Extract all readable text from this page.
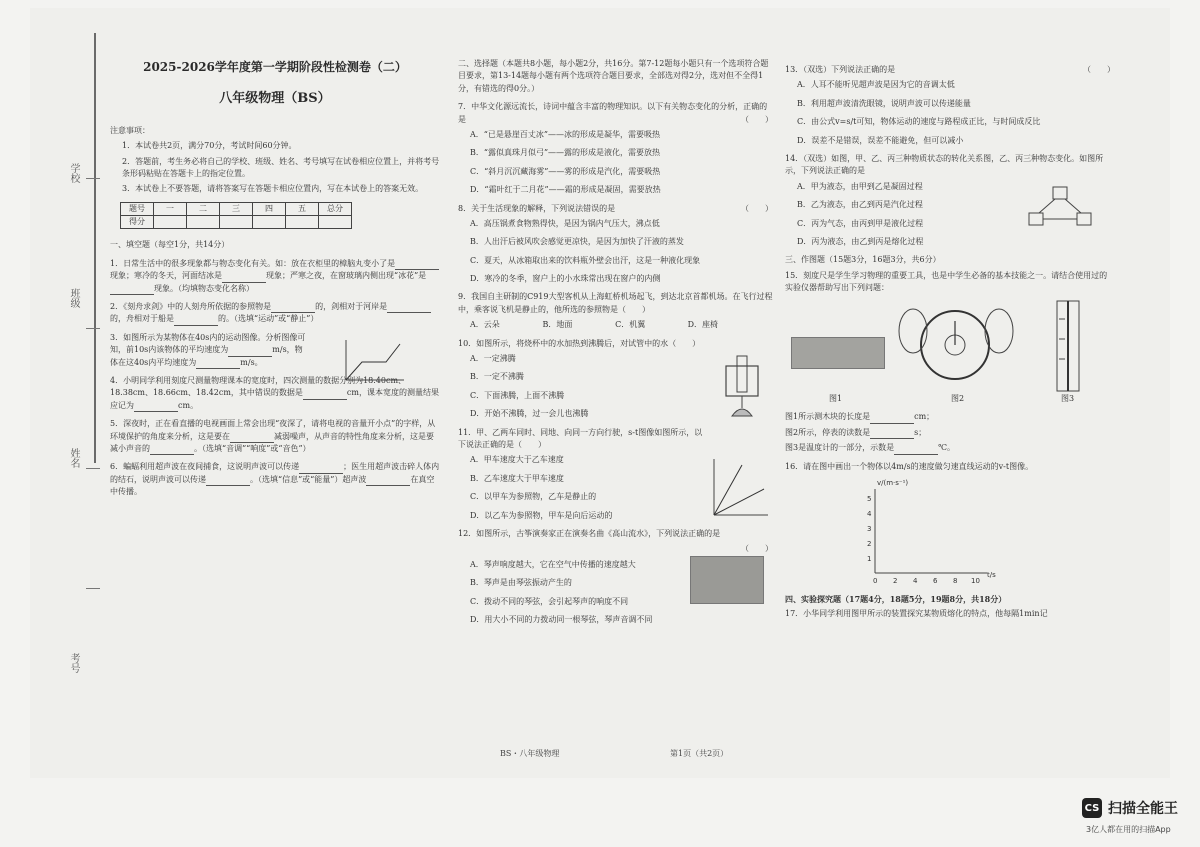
学校
班级
姓名
考号
2025-2026学年度第一学期阶段性检测卷（二）
八年级物理（BS）

注意事项：

1．本试卷共2页，满分70分，考试时间60分钟。

2．答题前，考生务必将自己的学校、班级、姓名、考号填写在试卷相应位置上，并将考号条形码粘贴在答题卡上的指定位置。

3．本试卷上不要答题，请将答案写在答题卡相应位置内，写在本试卷上的答案无效。

题号	一	二	三	四	五	总分
得分						

一、填空题（每空1分，共14分）

1．日常生活中的很多现象都与物态变化有关。如：放在衣柜里的樟脑丸变小了是现象；寒冷的冬天，河面结冰是	现象；严寒之夜，在窗玻璃内侧出现“冰花”是现象。（均填物态变化名称）

2．《刻舟求剑》中的人刻舟所依据的参照物是	的，剑相对于河岸是的，舟相对于船是	的。（选填“运动”或“静止”）

3．如图所示为某物体在40s内的运动图像。分析图像可知，前10s内该物体的平均速度为	m/s，物体在这40s内平均速度为	m/s。

4．小明同学利用刻度尺测量物理课本的宽度时，四次测量的数据分别为18.40cm、18.38cm、18.66cm、18.42cm，其中错误的数据是	cm，课本宽度的测量结果应记为	cm。

5．深夜时，正在看直播的电视画面上常会出现“夜深了，请将电视的音量开小点”的字样，从环境保护的角度来分析，这是要在	减弱噪声，从声音的特性角度来分析，这是要减小声音的	。（选填“音调”“响度”或“音色”）

6．蝙蝠利用超声波在夜间捕食，这说明声波可以传递	；医生用超声波击碎人体内的结石，说明声波可以传递	。（选填“信息”或“能量”）超声波	在真空中传播。

二、选择题（本题共8小题，每小题2分，共16分。第7-12题每小题只有一个选项符合题目要求，第13-14题每小题有两个选项符合题目要求，全部选对得2分，选对但不全得1分，有错选的得0分。）

7．中华文化源远流长，诗词中蕴含丰富的物理知识。以下有关物态变化的分析，正确的是	（　　）

A．“已是悬崖百丈冰”——冰的形成是凝华，需要吸热

B．“露似真珠月似弓”——露的形成是液化，需要放热

C．“斜月沉沉藏海雾”——雾的形成是汽化，需要吸热

D．“霜叶红于二月花”——霜的形成是凝固，需要放热

8．关于生活现象的解释，下列说法错误的是	（　　）

A．高压锅煮食物熟得快，是因为锅内气压大，沸点低

B．人出汗后被风吹会感觉更凉快，是因为加快了汗液的蒸发

C．夏天，从冰箱取出来的饮料瓶外壁会出汗，这是一种液化现象

D．寒冷的冬季，窗户上的小水珠常出现在窗户的内侧

9．我国自主研制的C919大型客机从上海虹桥机场起飞，到达北京首都机场。在飞行过程中，乘客说飞机是静止的，他所选的参照物是（　　）

A．云朵	B．地面	C．机翼	D．座椅

10．如图所示，将烧杯中的水加热到沸腾后，对试管中的水（　　）

A．一定沸腾

B．一定不沸腾

C．下面沸腾，上面不沸腾

D．开始不沸腾，过一会儿也沸腾

11．甲、乙两车同时、同地、向同一方向行驶，s-t图像如图所示，以下说法正确的是（　　）

A．甲车速度大于乙车速度

B．乙车速度大于甲车速度

C．以甲车为参照物，乙车是静止的

D．以乙车为参照物，甲车是向后运动的

12．如图所示，古筝演奏家正在演奏名曲《高山流水》，下列说法正确的是

（　　）

A．琴声响度越大，它在空气中传播的速度越大

B．琴声是由琴弦振动产生的

C．拨动不同的琴弦，会引起琴声的响度不同

D．用大小不同的力拨动同一根琴弦，琴声音调不同

13．（双选）下列说法正确的是	（　　）

A．人耳不能听见超声波是因为它的音调太低

B．利用超声波清洗眼镜，说明声波可以传递能量

C．由公式v=s/t可知，物体运动的速度与路程成正比，与时间成反比

D．误差不是错误，误差不能避免，但可以减小

14．（双选）如图，甲、乙、丙三种物质状态的转化关系图，乙、丙三种物态变化。如图所示，下列说法正确的是

A．甲为液态，由甲到乙是凝固过程

B．乙为液态，由乙到丙是汽化过程

C．丙为气态，由丙到甲是液化过程

D．丙为液态，由乙到丙是熔化过程

三、作图题（15题3分，16题3分，共6分）

15．刻度尺是学生学习物理的重要工具，也是中学生必备的基本技能之一。请结合使用过的实验仪器帮助写出下列问题：

图1	图2	图3

图1所示测木块的长度是	cm；

图2所示，停表的读数是	s；

图3是温度计的一部分，示数是	℃。

16．请在图中画出一个物体以4m/s的速度做匀速直线运动的v-t图像。

v/(m·s⁻¹)
t/s
5
4
3
2
1
0 2 4 6 8 10

四、实验探究题（17题4分，18题5分，19题8分，共18分）

17．小华同学利用图甲所示的装置探究某物质熔化的特点，他每隔1min记

BS・八年级物理	第1页（共2页）
CS 扫描全能王
3亿人都在用的扫描App
